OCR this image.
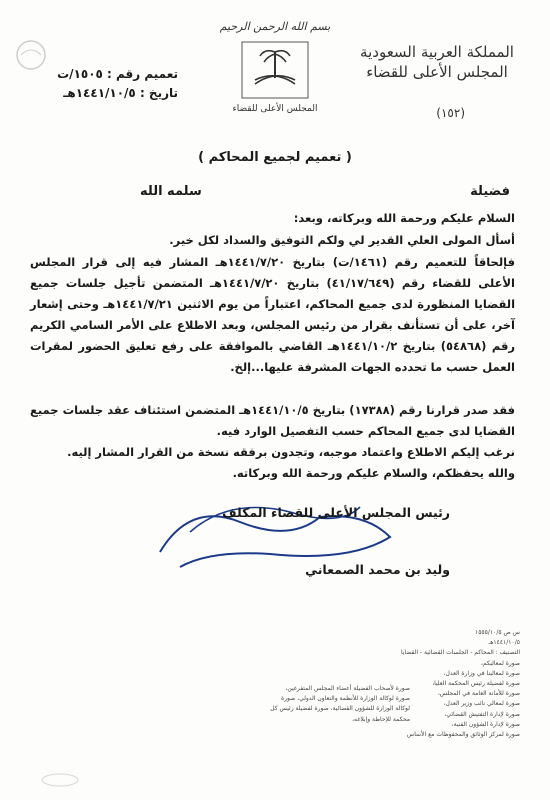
بسم الله الرحمن الرحيم
المجلس الأعلى للقضاء
المملكة العربية السعودية
المجلس الأعلى للقضاء
(١٥٢)
تعميم رقم : ١٥٠٥/ت
تاريخ : ١٤٤١/١٠/٥هـ
( تعميم لجميع المحاكم )
فضيلة
سلمه الله
السلام عليكم ورحمة الله وبركاته، وبعد:
أسأل المولى العلي القدير لي ولكم التوفيق والسداد لكل خير.
فإلحاقاً للتعميم رقم (١٤٦١/ت) بتاريخ ١٤٤١/٧/٢٠هـ المشار فيه إلى قرار المجلس الأعلى للقضاء رقم (٤١/١٧/٦٤٩) بتاريخ ١٤٤١/٧/٢٠هـ المتضمن تأجيل جلسات جميع القضايا المنظورة لدى جميع المحاكم، اعتباراً من يوم الاثنين ١٤٤١/٧/٢١هـ وحتى إشعار آخر، على أن تستأنف بقرار من رئيس المجلس، وبعد الاطلاع على الأمر السامي الكريم رقم (٥٤٨٦٨) بتاريخ ١٤٤١/١٠/٢هـ القاضي بالموافقة على رفع تعليق الحضور لمقرات العمل حسب ما تحدده الجهات المشرفة عليها...إلخ.
فقد صدر قرارنا رقم (١٧٣٨٨) بتاريخ ١٤٤١/١٠/٥هـ المتضمن استئناف عقد جلسات جميع القضايا لدى جميع المحاكم حسب التفصيل الوارد فيه.
نرغب إليكم الاطلاع واعتماد موجبه، وتجدون برفقه نسخة من القرار المشار إليه.
والله يحفظكم، والسلام عليكم ورحمة الله وبركاته.
رئيس المجلس الأعلى للقضاء المكلف
وليد بن محمد الصمعاني
س ص ١٥٥٥/١٠/٥
١٤٤١/١٠/٥هـ
التصنيف : المحاكم - الجلسات القضائية - القضايا
صورة لمعاليكم،
صورة لمعالينا في وزارة العدل،
صورة لفضيلة رئيس المحكمة العليا،
صورة للأمانة العامة في المجلس،
صورة لمعالي نائب وزير العدل،
صورة لإدارة التفتيش القضائي،
صورة لإدارة الشؤون الفنية،
صورة لمركز الوثائق والمحفوظات مع الأساس
صورة لأصحاب الفضيلة أعضاء المجلس المتفرغين، صورة لوكالة الوزارة للأنظمة والتعاون الدولي، صورة لوكالة الوزارة للشؤون القضائية، صورة لفضيلة رئيس كل محكمة للإحاطة وإبلاغه،
